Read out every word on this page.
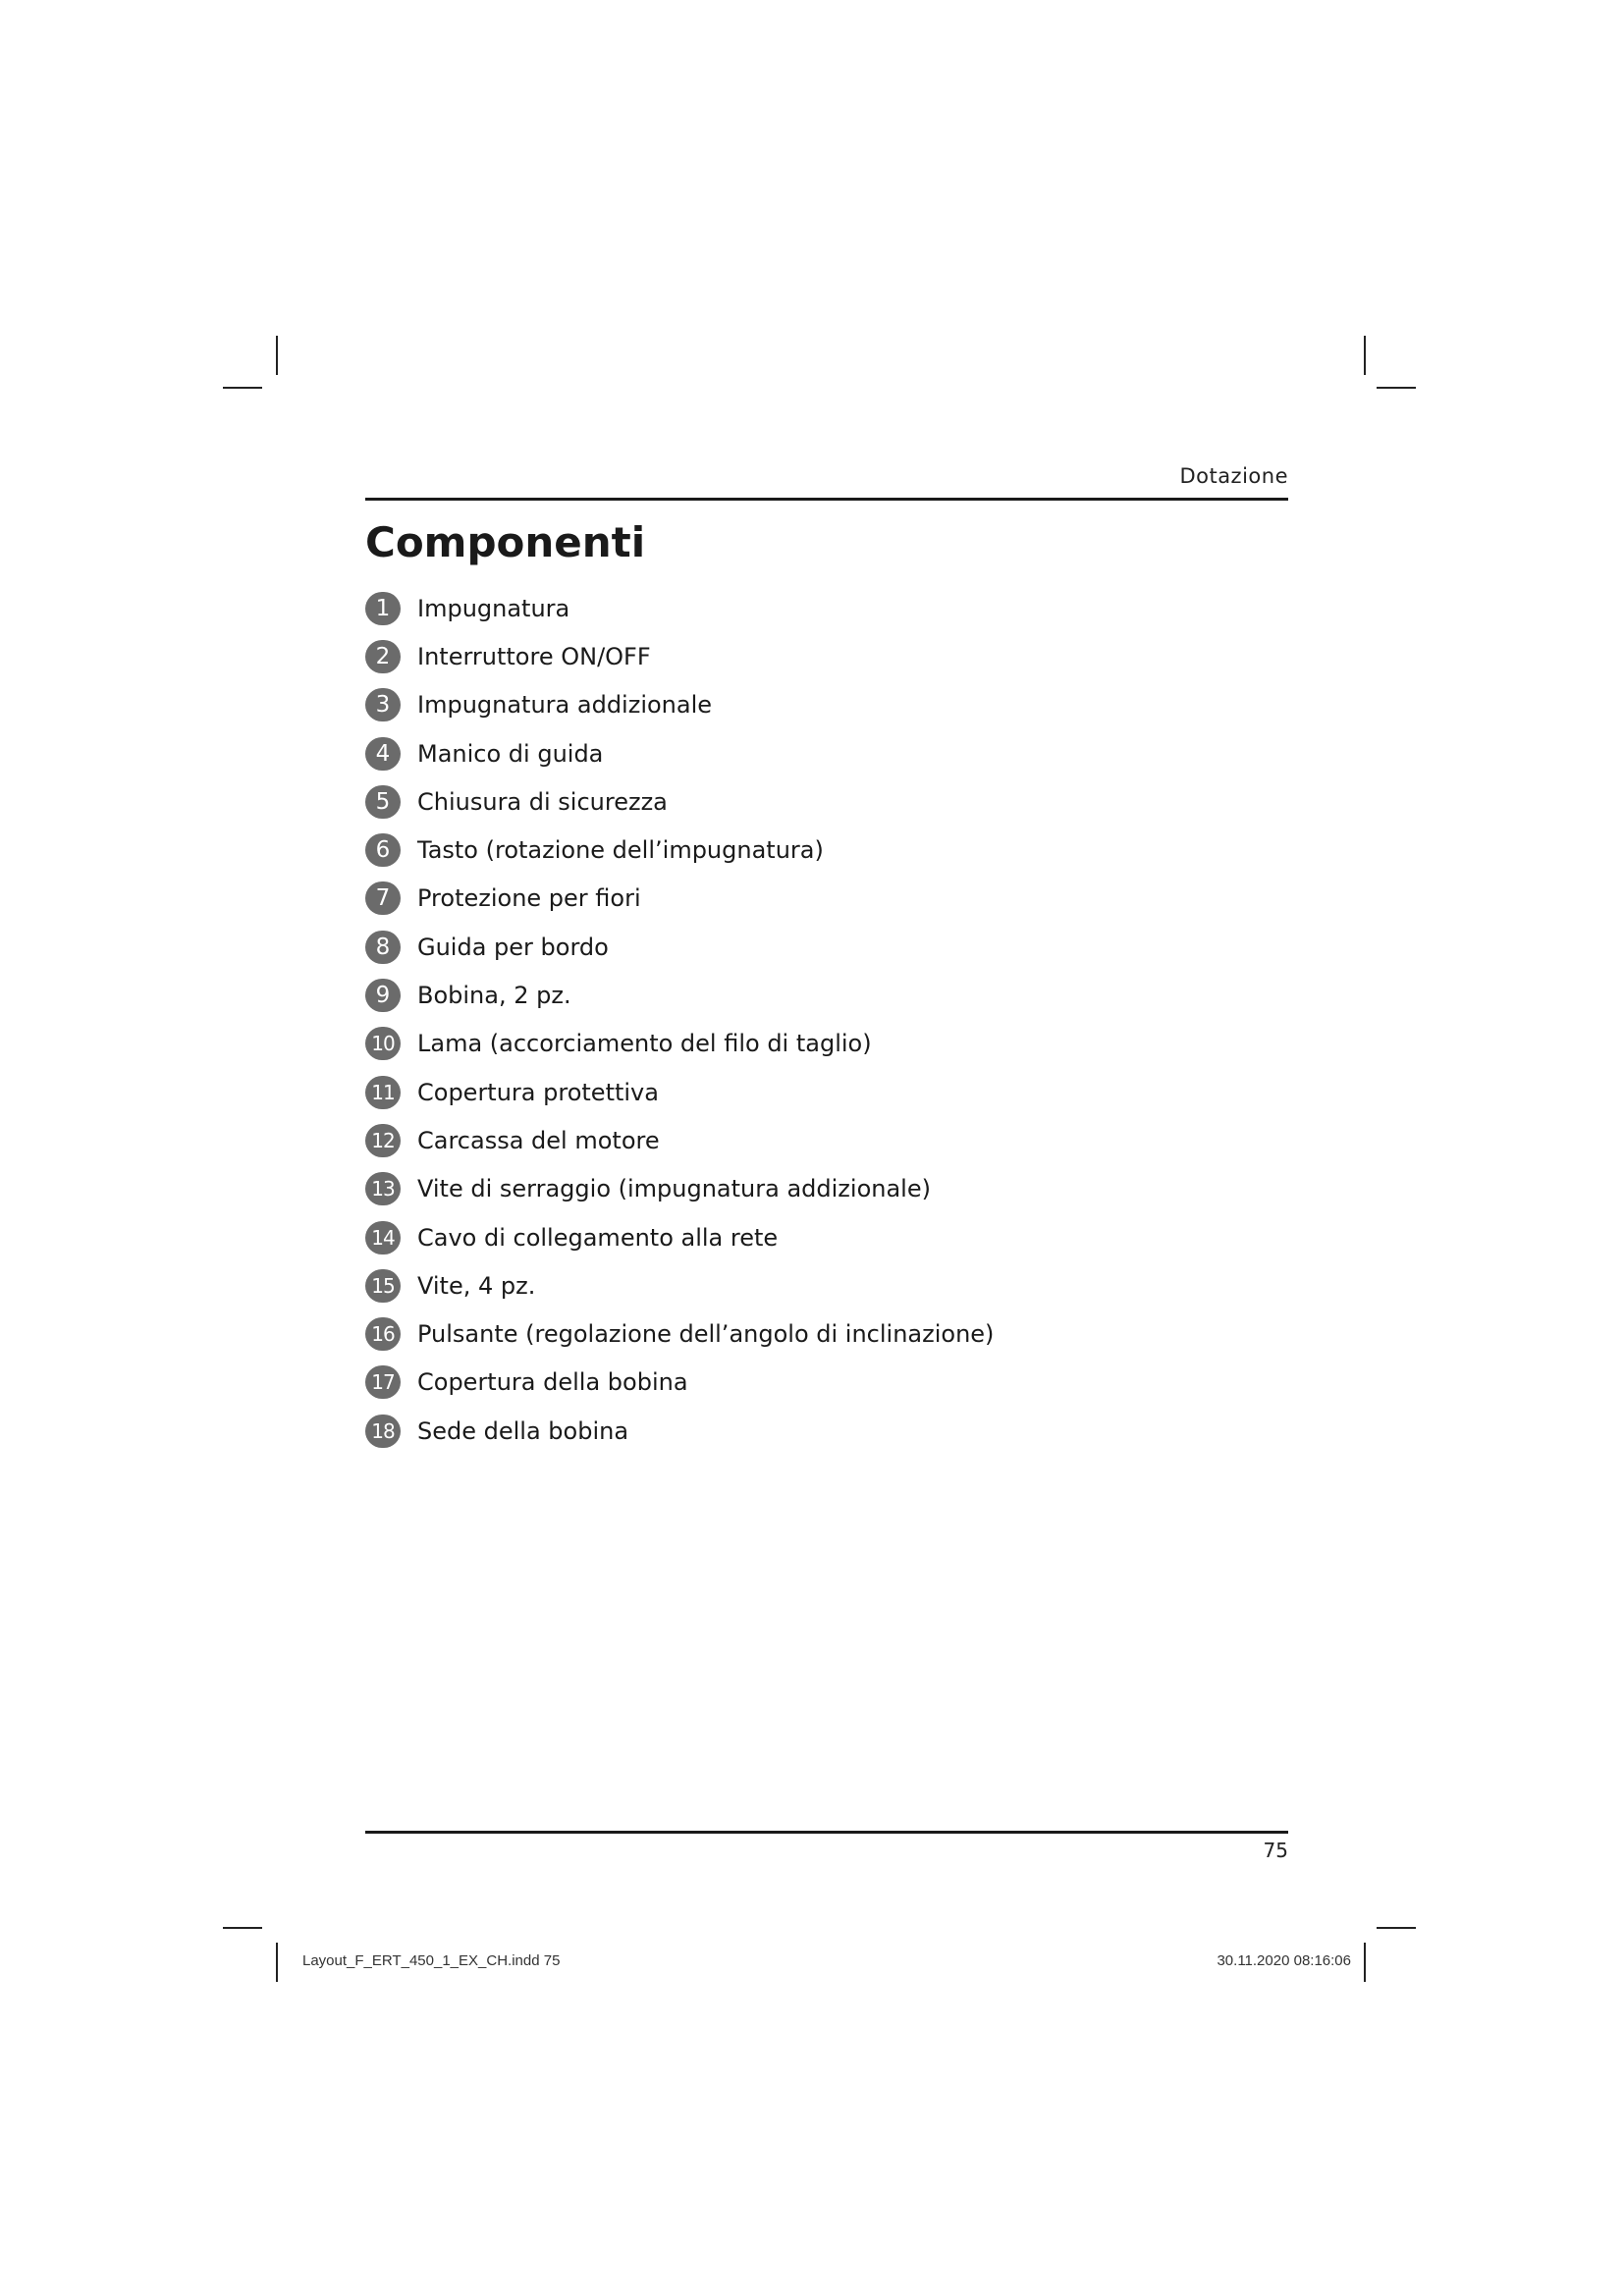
Dotazione
Componenti
1	Impugnatura
2	Interruttore ON/OFF
3	Impugnatura addizionale
4	Manico di guida
5	Chiusura di sicurezza
6	Tasto (rotazione dell’impugnatura)
7	Protezione per fiori
8	Guida per bordo
9	Bobina, 2 pz.
10 Lama (accorciamento del filo di taglio)
11 Copertura protettiva
12 Carcassa del motore
13 Vite di serraggio (impugnatura addizionale)
14 Cavo di collegamento alla rete
15 Vite, 4 pz.
16 Pulsante (regolazione dell’angolo di inclinazione)
17 Copertura della bobina
18 Sede della bobina
75
Layout_F_ERT_450_1_EX_CH.indd 75	30.11.2020 08:16:06
